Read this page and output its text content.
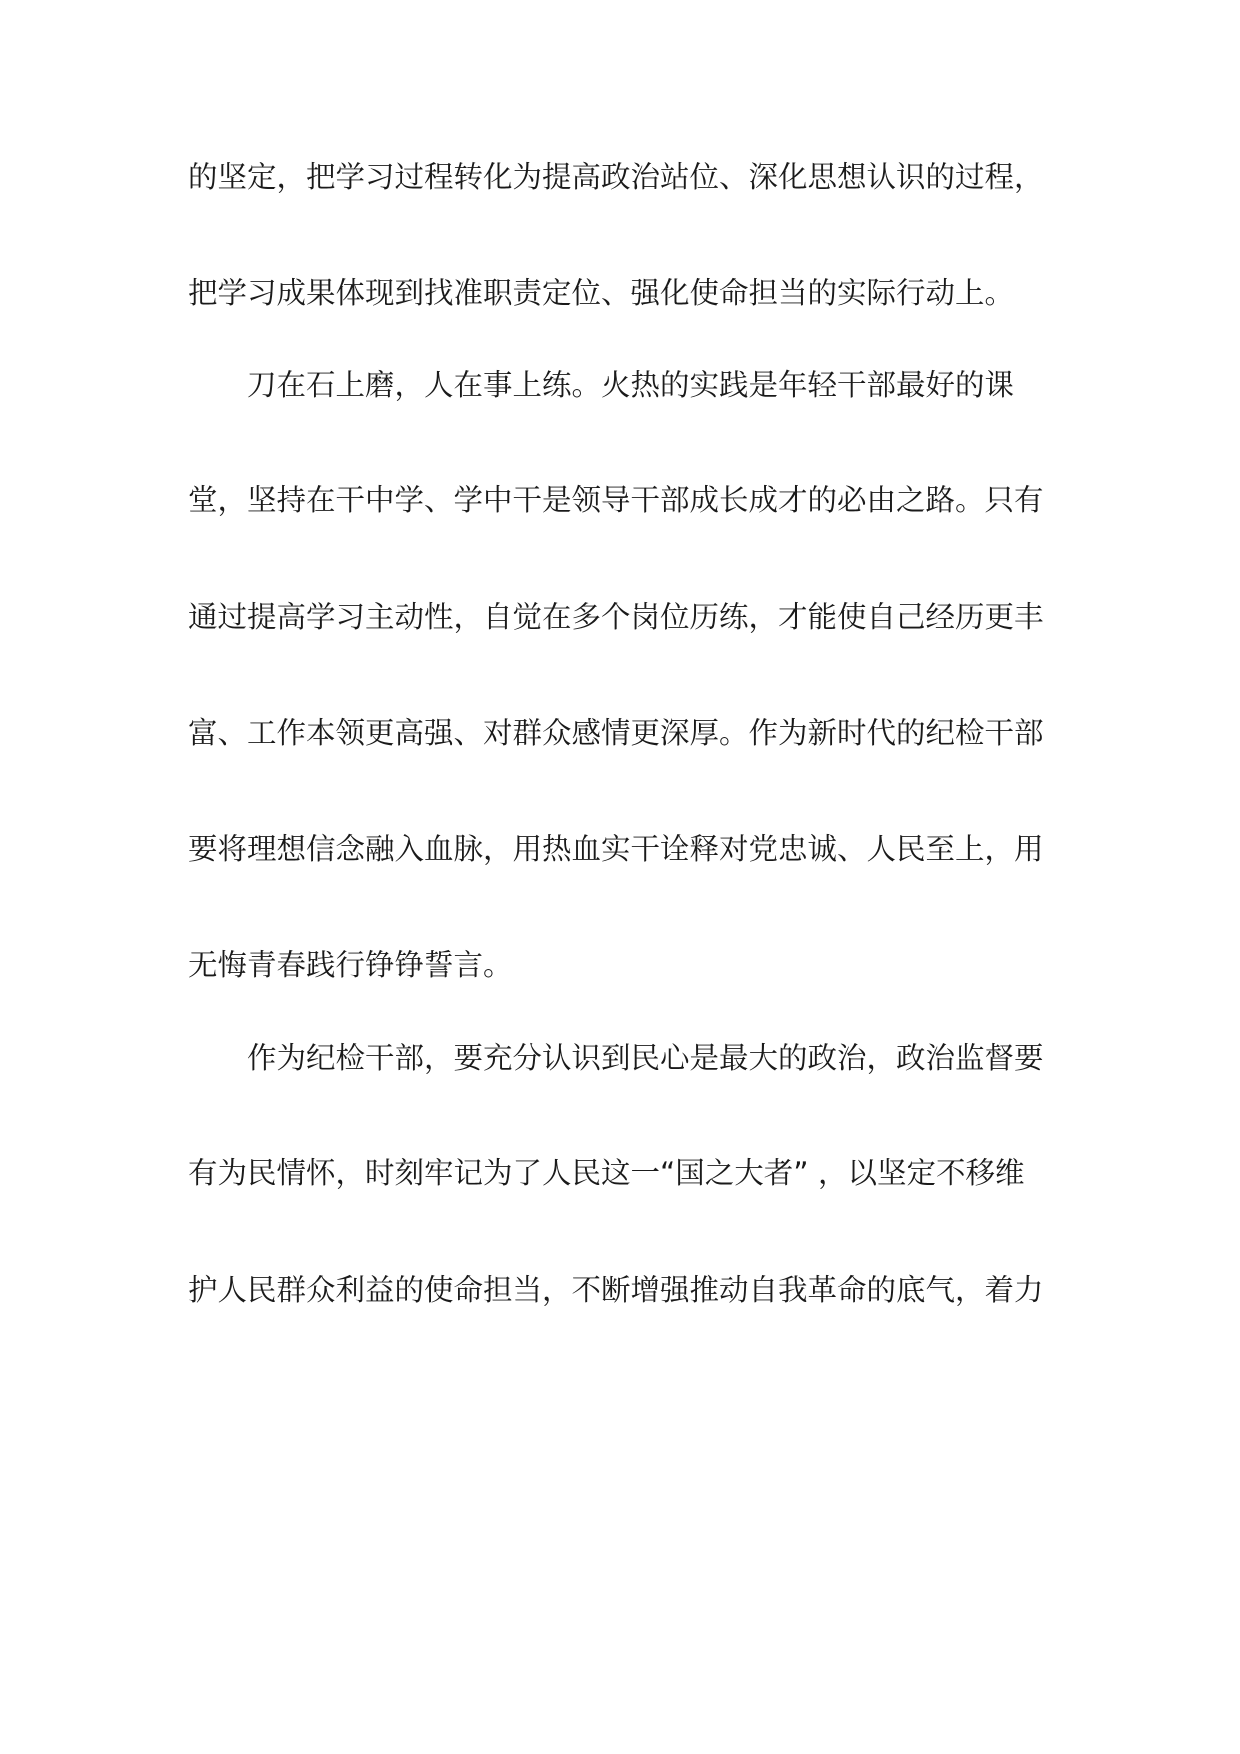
的坚定，把学习过程转化为提高政治站位、深化思想认识的过程，
把学习成果体现到找准职责定位、强化使命担当的实际行动上。
刀在石上磨，人在事上练。火热的实践是年轻干部最好的课
堂，坚持在干中学、学中干是领导干部成长成才的必由之路。只有
通过提高学习主动性，自觉在多个岗位历练，才能使自己经历更丰
富、工作本领更高强、对群众感情更深厚。作为新时代的纪检干部
要将理想信念融入血脉，用热血实干诠释对党忠诚、人民至上，用
无悔青春践行铮铮誓言。
作为纪检干部，要充分认识到民心是最大的政治，政治监督要
有为民情怀，时刻牢记为了人民这一“国之大者” ，以坚定不移维
护人民群众利益的使命担当，不断增强推动自我革命的底气，着力
